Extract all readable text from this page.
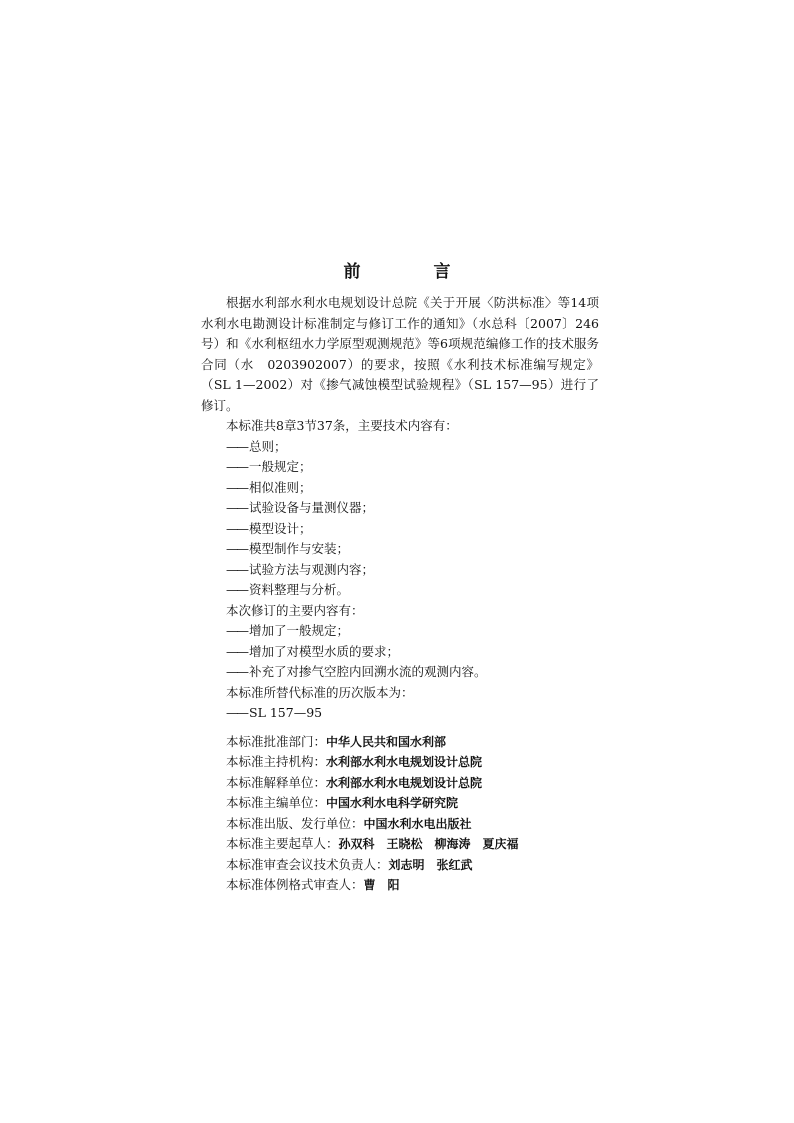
前　言

根据水利部水利水电规划设计总院《关于开展〈防洪标准〉等14项水利水电勘测设计标准制定与修订工作的通知》（水总科〔2007〕246号）和《水利枢纽水力学原型观测规范》等6项规范编修工作的技术服务合同（水　0203902007）的要求，按照《水利技术标准编写规定》（SL 1—2002）对《掺气减蚀模型试验规程》（SL 157—95）进行了修订。

本标准共8章3节37条，主要技术内容有：

—— 总则；

—— 一般规定；

—— 相似准则；

—— 试验设备与量测仪器；

—— 模型设计；

—— 模型制作与安装；

—— 试验方法与观测内容；

—— 资料整理与分析。

本次修订的主要内容有：

—— 增加了一般规定；

—— 增加了对模型水质的要求；

—— 补充了对掺气空腔内回溯水流的观测内容。

本标准所替代标准的历次版本为：

—— SL 157—95

本标准批准部门：中华人民共和国水利部

本标准主持机构：水利部水利水电规划设计总院

本标准解释单位：水利部水利水电规划设计总院

本标准主编单位：中国水利水电科学研究院

本标准出版、发行单位：中国水利水电出版社

本标准主要起草人：孙双科　王晓松　柳海涛　夏庆福

本标准审查会议技术负责人：刘志明　张红武

本标准体例格式审查人：曹　阳
